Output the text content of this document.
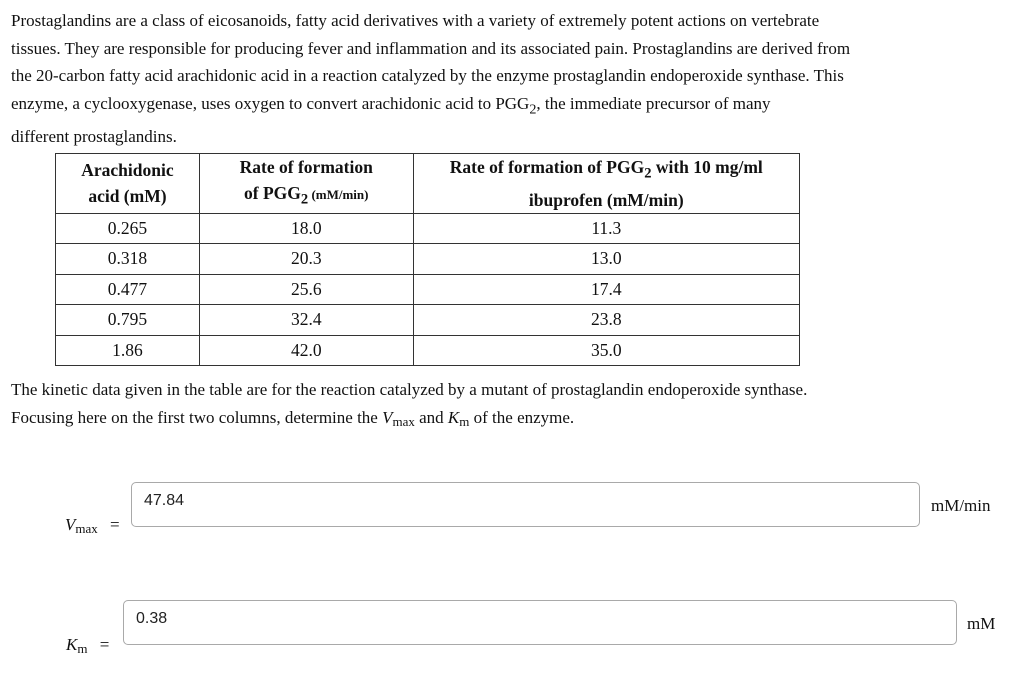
Prostaglandins are a class of eicosanoids, fatty acid derivatives with a variety of extremely potent actions on vertebrate
tissues. They are responsible for producing fever and inflammation and its associated pain. Prostaglandins are derived from
the 20-carbon fatty acid arachidonic acid in a reaction catalyzed by the enzyme prostaglandin endoperoxide synthase. This
enzyme, a cyclooxygenase, uses oxygen to convert arachidonic acid to $PGG_2$, the immediate precursor of many
different prostaglandins.

Arachidonic
acid (mM)	Rate of formation
of $PGG_2$ (mM/min)	Rate of formation of $PGG_2$ with 10 mg/ml
ibuprofen (mM/min)
0.265	18.0	11.3
0.318	20.3	13.0
0.477	25.6	17.4
0.795	32.4	23.8
1.86	42.0	35.0

The kinetic data given in the table are for the reaction catalyzed by a mutant of prostaglandin endoperoxide synthase.
Focusing here on the first two columns, determine the Vmax and Km of the enzyme.

Vmax =
47.84	mM/min
Km =
0.38	mM
